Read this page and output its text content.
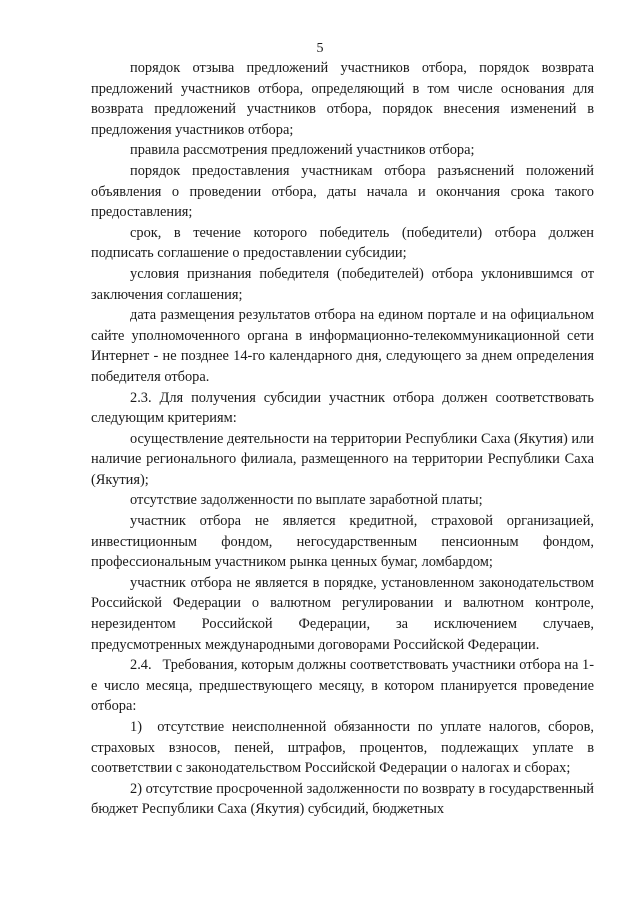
5

порядок отзыва предложений участников отбора, порядок возврата предложений участников отбора, определяющий в том числе основания для возврата предложений участников отбора, порядок внесения изменений в предложения участников отбора;

правила рассмотрения предложений участников отбора;

порядок предоставления участникам отбора разъяснений положений объявления о проведении отбора, даты начала и окончания срока такого предоставления;

срок, в течение которого победитель (победители) отбора должен подписать соглашение о предоставлении субсидии;

условия признания победителя (победителей) отбора уклонившимся от заключения соглашения;

дата размещения результатов отбора на едином портале и на официальном сайте уполномоченного органа в информационно-телекоммуникационной сети Интернет - не позднее 14-го календарного дня, следующего за днем определения победителя отбора.

2.3. Для получения субсидии участник отбора должен соответствовать следующим критериям:

осуществление деятельности на территории Республики Саха (Якутия) или наличие регионального филиала, размещенного на территории Республики Саха (Якутия);

отсутствие задолженности по выплате заработной платы;

участник отбора не является кредитной, страховой организацией, инвестиционным фондом, негосударственным пенсионным фондом, профессиональным участником рынка ценных бумаг, ломбардом;

участник отбора не является в порядке, установленном законодательством Российской Федерации о валютном регулировании и валютном контроле, нерезидентом Российской Федерации, за исключением случаев, предусмотренных международными договорами Российской Федерации.

2.4.   Требования, которым должны соответствовать участники отбора на 1-е число месяца, предшествующего месяцу, в котором планируется проведение отбора:

1)  отсутствие неисполненной обязанности по уплате налогов, сборов, страховых взносов, пеней, штрафов, процентов, подлежащих уплате в соответствии с законодательством Российской Федерации о налогах и сборах;

2) отсутствие просроченной задолженности по возврату в государственный бюджет Республики Саха (Якутия) субсидий, бюджетных
